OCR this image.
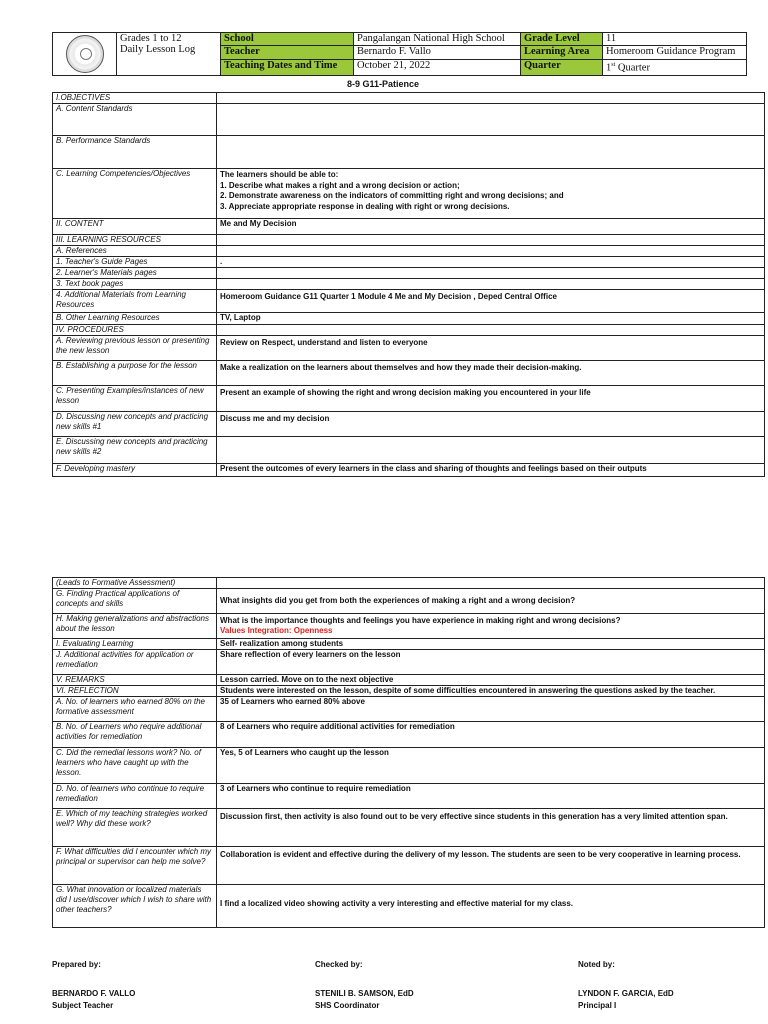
	Grades 1 to 12
Daily Lesson Log	School	Pangalangan National High School	Grade Level	11
		Teacher	Bernardo F. Vallo	Learning Area	Homeroom Guidance Program
		Teaching Dates and Time	October 21, 2022	Quarter	1st Quarter
8-9 G11-Patience
I.OBJECTIVES	
A. Content Standards	
B. Performance Standards	
C. Learning Competencies/Objectives	The learners should be able to:
1. Describe what makes a right and a wrong decision or action;
2. Demonstrate awareness on the indicators of committing right and wrong decisions; and
3. Appreciate appropriate response in dealing with right or wrong decisions.

II. CONTENT	Me and My Decision
III. LEARNING RESOURCES	
A. References	
1. Teacher's Guide Pages	.
2. Learner's Materials pages	
3. Text book pages	
4. Additional Materials from Learning Resources	Homeroom Guidance G11 Quarter 1 Module 4 Me and My Decision , Deped Central Office
B. Other Learning Resources	TV, Laptop
IV. PROCEDURES	
A. Reviewing previous lesson or presenting the new lesson	Review on Respect, understand and listen to everyone
B. Establishing a purpose for the lesson	Make a realization on the learners about themselves and how they made their decision-making.
C. Presenting Examples/instances of new lesson	Present an example of showing the right and wrong decision making you encountered in your life
D. Discussing new concepts and practicing new skills #1	Discuss me and my decision
E. Discussing new concepts and practicing new skills #2	
F. Developing mastery	Present the outcomes of every learners in the class and sharing of thoughts and feelings based on their outputs
(Leads to Formative Assessment)	
G. Finding Practical applications of concepts and skills	What insights did you get from both the experiences of making a right and a wrong decision?
H. Making generalizations and abstractions about the lesson	What is the importance thoughts and feelings you have experience in making right and wrong decisions?
Values Integration: Openness

I. Evaluating Learning	Self- realization among students
J. Additional activities for application or remediation	Share reflection of every learners on the lesson
V. REMARKS	Lesson carried. Move on to the next objective
VI. REFLECTION	Students were interested on the lesson, despite of some difficulties encountered in answering the questions asked by the teacher.
A. No. of learners who earned 80% on the formative assessment	35 of Learners who earned 80% above
B. No. of Learners who require additional activities for remediation	8 of Learners who require additional activities for remediation
C. Did the remedial lessons work? No. of learners who have caught up with the lesson.	Yes, 5 of Learners who caught up the lesson
D. No. of learners who continue to require remediation	3 of Learners who continue to require remediation
E. Which of my teaching strategies worked well? Why did these work?	Discussion first, then activity is also found out to be very effective since students in this generation has a very limited attention span.
F. What difficulties did I encounter which my principal or supervisor can help me solve?	Collaboration is evident and effective during the delivery of my lesson. The students are seen to be very cooperative in learning process.
G. What innovation or localized materials did I use/discover which I wish to share with other teachers?	I find a localized video showing activity a very interesting and effective material for my class.
Prepared by:	Checked by:	Noted by:
BERNARDO F. VALLO
Subject Teacher
STENILI B. SAMSON, EdD
SHS Coordinator
LYNDON F. GARCIA, EdD
Principal I
